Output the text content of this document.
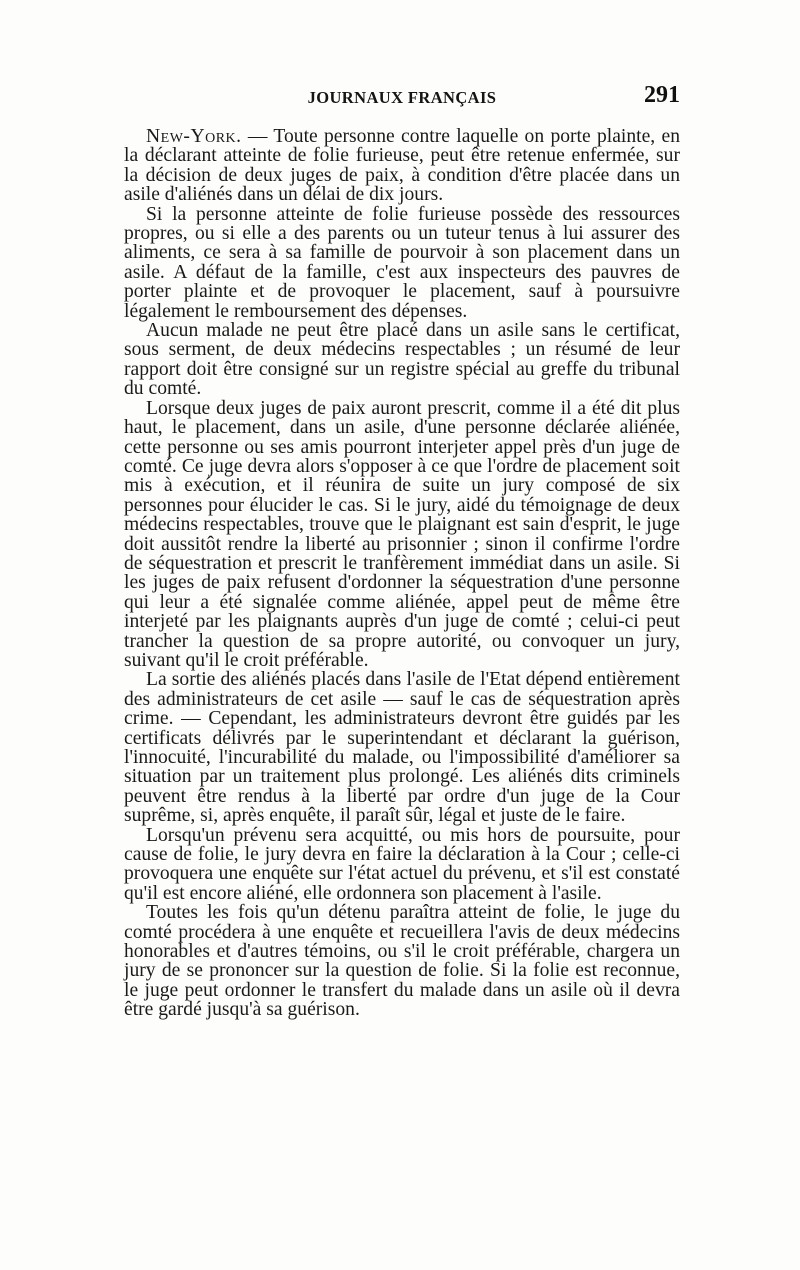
JOURNAUX FRANÇAIS	291

New-York. — Toute personne contre laquelle on porte plainte, en la déclarant atteinte de folie furieuse, peut être retenue enfermée, sur la décision de deux juges de paix, à condition d'être placée dans un asile d'aliénés dans un délai de dix jours.

Si la personne atteinte de folie furieuse possède des ressources propres, ou si elle a des parents ou un tuteur tenus à lui assurer des aliments, ce sera à sa famille de pourvoir à son placement dans un asile. A défaut de la famille, c'est aux inspecteurs des pauvres de porter plainte et de provoquer le placement, sauf à poursuivre légalement le remboursement des dépenses.

Aucun malade ne peut être placé dans un asile sans le certificat, sous serment, de deux médecins respectables ; un résumé de leur rapport doit être consigné sur un registre spécial au greffe du tribunal du comté.

Lorsque deux juges de paix auront prescrit, comme il a été dit plus haut, le placement, dans un asile, d'une personne déclarée aliénée, cette personne ou ses amis pourront interjeter appel près d'un juge de comté. Ce juge devra alors s'opposer à ce que l'ordre de placement soit mis à exécution, et il réunira de suite un jury composé de six personnes pour élucider le cas. Si le jury, aidé du témoignage de deux médecins respectables, trouve que le plaignant est sain d'esprit, le juge doit aussitôt rendre la liberté au prisonnier ; sinon il confirme l'ordre de séquestration et prescrit le tranfèrement immédiat dans un asile. Si les juges de paix refusent d'ordonner la séquestration d'une personne qui leur a été signalée comme aliénée, appel peut de même être interjeté par les plaignants auprès d'un juge de comté ; celui-ci peut trancher la question de sa propre autorité, ou convoquer un jury, suivant qu'il le croit préférable.

La sortie des aliénés placés dans l'asile de l'Etat dépend entièrement des administrateurs de cet asile — sauf le cas de séquestration après crime. — Cependant, les administrateurs devront être guidés par les certificats délivrés par le superintendant et déclarant la guérison, l'innocuité, l'incurabilité du malade, ou l'impossibilité d'améliorer sa situation par un traitement plus prolongé. Les aliénés dits criminels peuvent être rendus à la liberté par ordre d'un juge de la Cour suprême, si, après enquête, il paraît sûr, légal et juste de le faire.

Lorsqu'un prévenu sera acquitté, ou mis hors de poursuite, pour cause de folie, le jury devra en faire la déclaration à la Cour ; celle-ci provoquera une enquête sur l'état actuel du prévenu, et s'il est constaté qu'il est encore aliéné, elle ordonnera son placement à l'asile.

Toutes les fois qu'un détenu paraîtra atteint de folie, le juge du comté procédera à une enquête et recueillera l'avis de deux médecins honorables et d'autres témoins, ou s'il le croit préférable, chargera un jury de se prononcer sur la question de folie. Si la folie est reconnue, le juge peut ordonner le transfert du malade dans un asile où il devra être gardé jusqu'à sa guérison.
